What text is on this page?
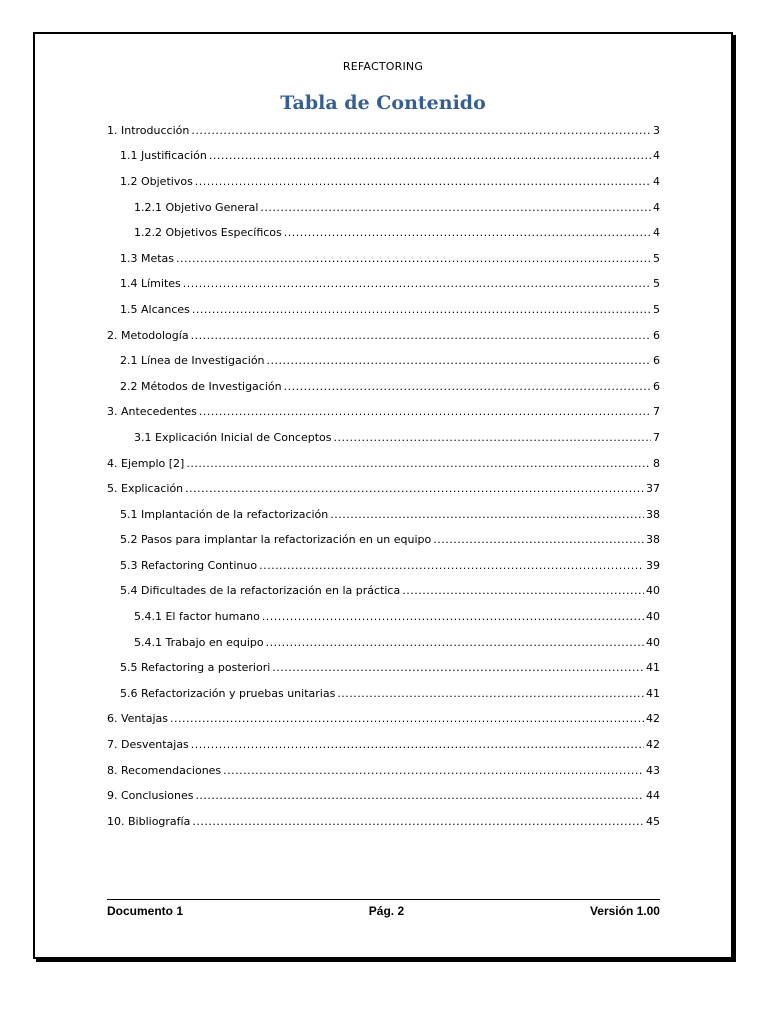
REFACTORING
Tabla de Contenido
1. Introducción .....	3
1.1 Justificación .....	4
1.2 Objetivos .....	4
1.2.1 Objetivo General .....	4
1.2.2 Objetivos Específicos .....	4
1.3 Metas .....	5
1.4 Límites .....	5
1.5 Alcances .....	5
2. Metodología .....	6
2.1 Línea de Investigación .....	6
2.2 Métodos de Investigación .....	6
3. Antecedentes .....	7
3.1 Explicación Inicial de Conceptos .....	7
4. Ejemplo [2] .....	8
5. Explicación .....	37
5.1 Implantación de la refactorización .....	38
5.2 Pasos para implantar la refactorización en un equipo .....	38
5.3 Refactoring Continuo .....	39
5.4 Dificultades de la refactorización en la práctica .....	40
5.4.1 El factor humano .....	40
5.4.1 Trabajo en equipo .....	40
5.5 Refactoring a posteriori .....	41
5.6 Refactorización y pruebas unitarias .....	41
6. Ventajas .....	42
7. Desventajas .....	42
8. Recomendaciones .....	43
9. Conclusiones .....	44
10. Bibliografía .....	45
Documento 1	Pág. 2	Versión 1.00
